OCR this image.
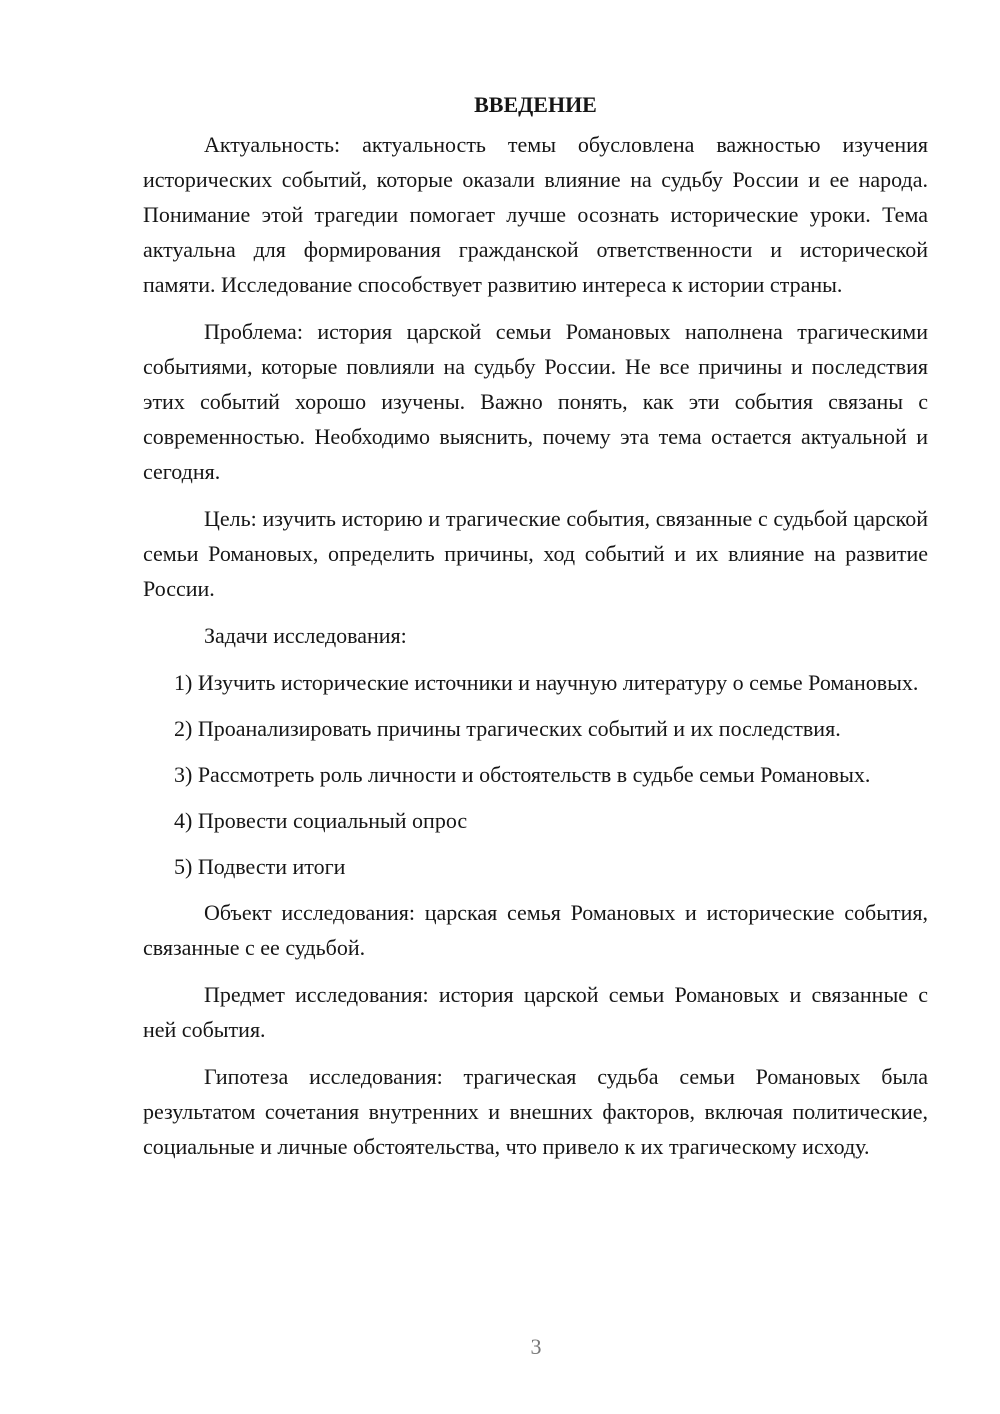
ВВЕДЕНИЕ

Актуальность: актуальность темы обусловлена важностью изучения исторических событий, которые оказали влияние на судьбу России и ее народа. Понимание этой трагедии помогает лучше осознать исторические уроки. Тема актуальна для формирования гражданской ответственности и исторической памяти. Исследование способствует развитию интереса к истории страны.

Проблема: история царской семьи Романовых наполнена трагическими событиями, которые повлияли на судьбу России. Не все причины и последствия этих событий хорошо изучены. Важно понять, как эти события связаны с современностью. Необходимо выяснить, почему эта тема остается актуальной и сегодня.

Цель: изучить историю и трагические события, связанные с судьбой царской семьи Романовых, определить причины, ход событий и их влияние на развитие России.

Задачи исследования:

1) Изучить исторические источники и научную литературу о семье Романовых.

2) Проанализировать причины трагических событий и их последствия.

3) Рассмотреть роль личности и обстоятельств в судьбе семьи Романовых.

4) Провести социальный опрос

5) Подвести итоги

Объект исследования: царская семья Романовых и исторические события, связанные с ее судьбой.

Предмет исследования: история царской семьи Романовых и связанные с ней события.

Гипотеза исследования: трагическая судьба семьи Романовых была результатом сочетания внутренних и внешних факторов, включая политические, социальные и личные обстоятельства, что привело к их трагическому исходу.

3
